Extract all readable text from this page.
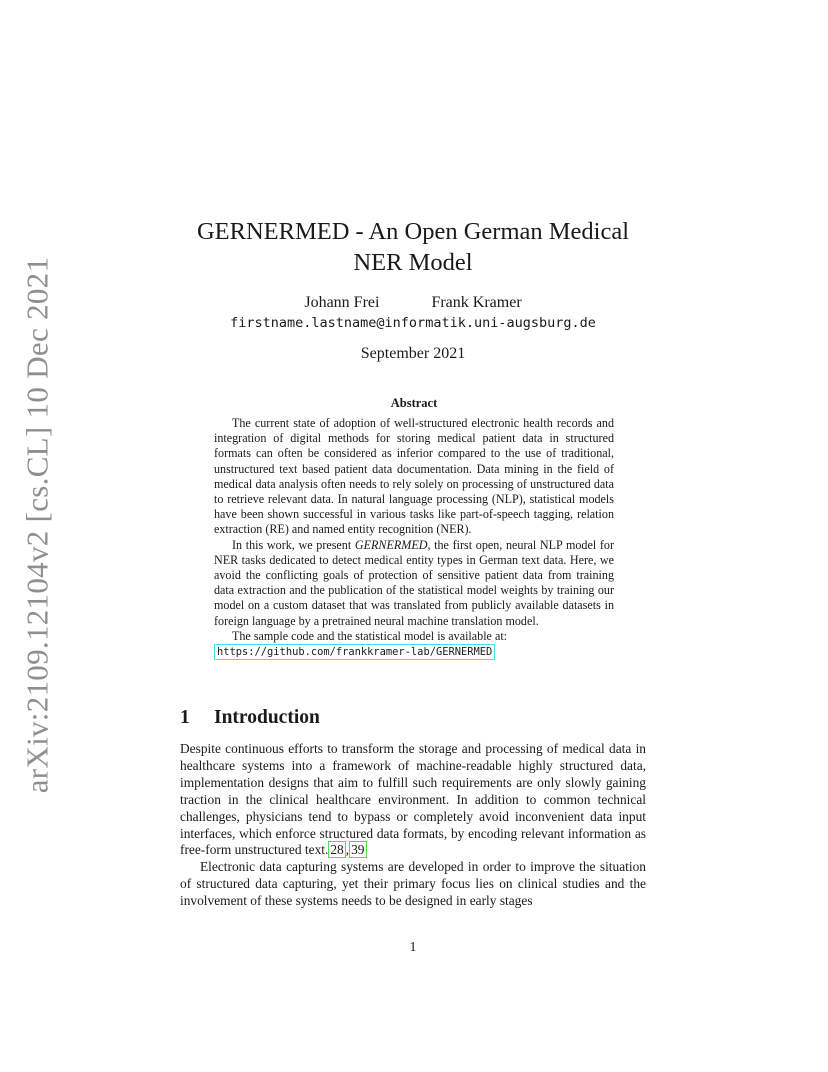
arXiv:2109.12104v2 [cs.CL] 10 Dec 2021
GERNERMED - An Open German Medical
NER Model
Johann Frei	Frank Kramer
firstname.lastname@informatik.uni-augsburg.de
September 2021
Abstract

The current state of adoption of well-structured electronic health records and integration of digital methods for storing medical patient data in structured formats can often be considered as inferior compared to the use of traditional, unstructured text based patient data documentation. Data mining in the field of medical data analysis often needs to rely solely on processing of unstructured data to retrieve relevant data. In natural language processing (NLP), statistical models have been shown successful in various tasks like part-of-speech tagging, relation extraction (RE) and named entity recognition (NER).

In this work, we present GERNERMED, the first open, neural NLP model for NER tasks dedicated to detect medical entity types in German text data. Here, we avoid the conflicting goals of protection of sensitive patient data from training data extraction and the publication of the statistical model weights by training our model on a custom dataset that was translated from publicly available datasets in foreign language by a pretrained neural machine translation model.

The sample code and the statistical model is available at:

https://github.com/frankkramer-lab/GERNERMED
1 Introduction

Despite continuous efforts to transform the storage and processing of medical data in healthcare systems into a framework of machine-readable highly structured data, implementation designs that aim to fulfill such requirements are only slowly gaining traction in the clinical healthcare environment. In addition to common technical challenges, physicians tend to bypass or completely avoid inconvenient data input interfaces, which enforce structured data formats, by encoding relevant information as free-form unstructured text. 28 , 39

Electronic data capturing systems are developed in order to improve the situation of structured data capturing, yet their primary focus lies on clinical studies and the involvement of these systems needs to be designed in early stages

1
